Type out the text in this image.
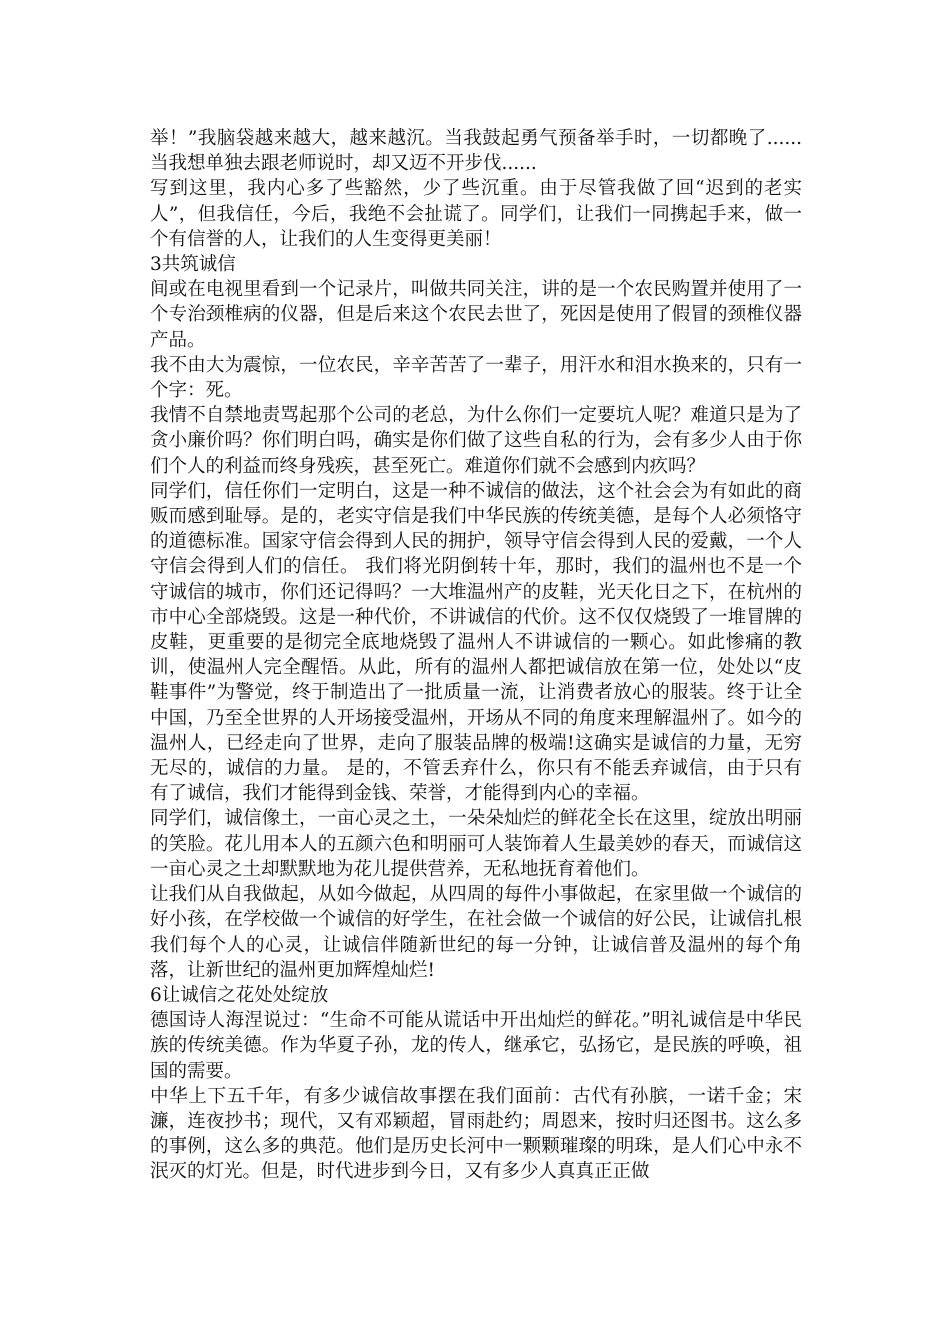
举！”我脑袋越来越大，越来越沉。当我鼓起勇气预备举手时，一切都晚了......当我想单独去跟老师说时，却又迈不开步伐......

写到这里，我内心多了些豁然，少了些沉重。由于尽管我做了回“迟到的老实人”，但我信任，今后，我绝不会扯谎了。同学们，让我们一同携起手来，做一个有信誉的人，让我们的人生变得更美丽！

3共筑诚信

间或在电视里看到一个记录片，叫做共同关注，讲的是一个农民购置并使用了一个专治颈椎病的仪器，但是后来这个农民去世了，死因是使用了假冒的颈椎仪器产品。

我不由大为震惊，一位农民，辛辛苦苦了一辈子，用汗水和泪水换来的，只有一个字：死。

我情不自禁地责骂起那个公司的老总，为什么你们一定要坑人呢？难道只是为了贪小廉价吗？你们明白吗，确实是你们做了这些自私的行为，会有多少人由于你们个人的利益而终身残疾，甚至死亡。难道你们就不会感到内疚吗？

同学们，信任你们一定明白，这是一种不诚信的做法，这个社会会为有如此的商贩而感到耻辱。是的，老实守信是我们中华民族的传统美德，是每个人必须恪守的道德标准。国家守信会得到人民的拥护，领导守信会得到人民的爱戴，一个人守信会得到人们的信任。 我们将光阴倒转十年，那时，我们的温州也不是一个守诚信的城市，你们还记得吗？一大堆温州产的皮鞋，光天化日之下，在杭州的市中心全部烧毁。这是一种代价，不讲诚信的代价。这不仅仅烧毁了一堆冒牌的皮鞋，更重要的是彻完全底地烧毁了温州人不讲诚信的一颗心。如此惨痛的教训，使温州人完全醒悟。从此，所有的温州人都把诚信放在第一位，处处以“皮鞋事件”为警觉，终于制造出了一批质量一流，让消费者放心的服装。终于让全中国，乃至全世界的人开场接受温州，开场从不同的角度来理解温州了。如今的温州人，已经走向了世界，走向了服装品牌的极端!这确实是诚信的力量，无穷无尽的，诚信的力量。 是的，不管丢弃什么，你只有不能丢弃诚信，由于只有有了诚信，我们才能得到金钱、荣誉，才能得到内心的幸福。

同学们，诚信像土，一亩心灵之土，一朵朵灿烂的鲜花全长在这里，绽放出明丽的笑脸。花儿用本人的五颜六色和明丽可人装饰着人生最美妙的春天，而诚信这一亩心灵之土却默默地为花儿提供营养，无私地抚育着他们。

让我们从自我做起，从如今做起，从四周的每件小事做起，在家里做一个诚信的好小孩，在学校做一个诚信的好学生，在社会做一个诚信的好公民，让诚信扎根我们每个人的心灵，让诚信伴随新世纪的每一分钟，让诚信普及温州的每个角落，让新世纪的温州更加辉煌灿烂!

6让诚信之花处处绽放

德国诗人海涅说过：“生命不可能从谎话中开出灿烂的鲜花。”明礼诚信是中华民族的传统美德。作为华夏子孙，龙的传人，继承它，弘扬它，是民族的呼唤，祖国的需要。

中华上下五千年，有多少诚信故事摆在我们面前：古代有孙膑，一诺千金；宋濂，连夜抄书；现代，又有邓颖超，冒雨赴约；周恩来，按时归还图书。这么多的事例，这么多的典范。他们是历史长河中一颗颗璀璨的明珠，是人们心中永不泯灭的灯光。但是，时代进步到今日，又有多少人真真正正做
